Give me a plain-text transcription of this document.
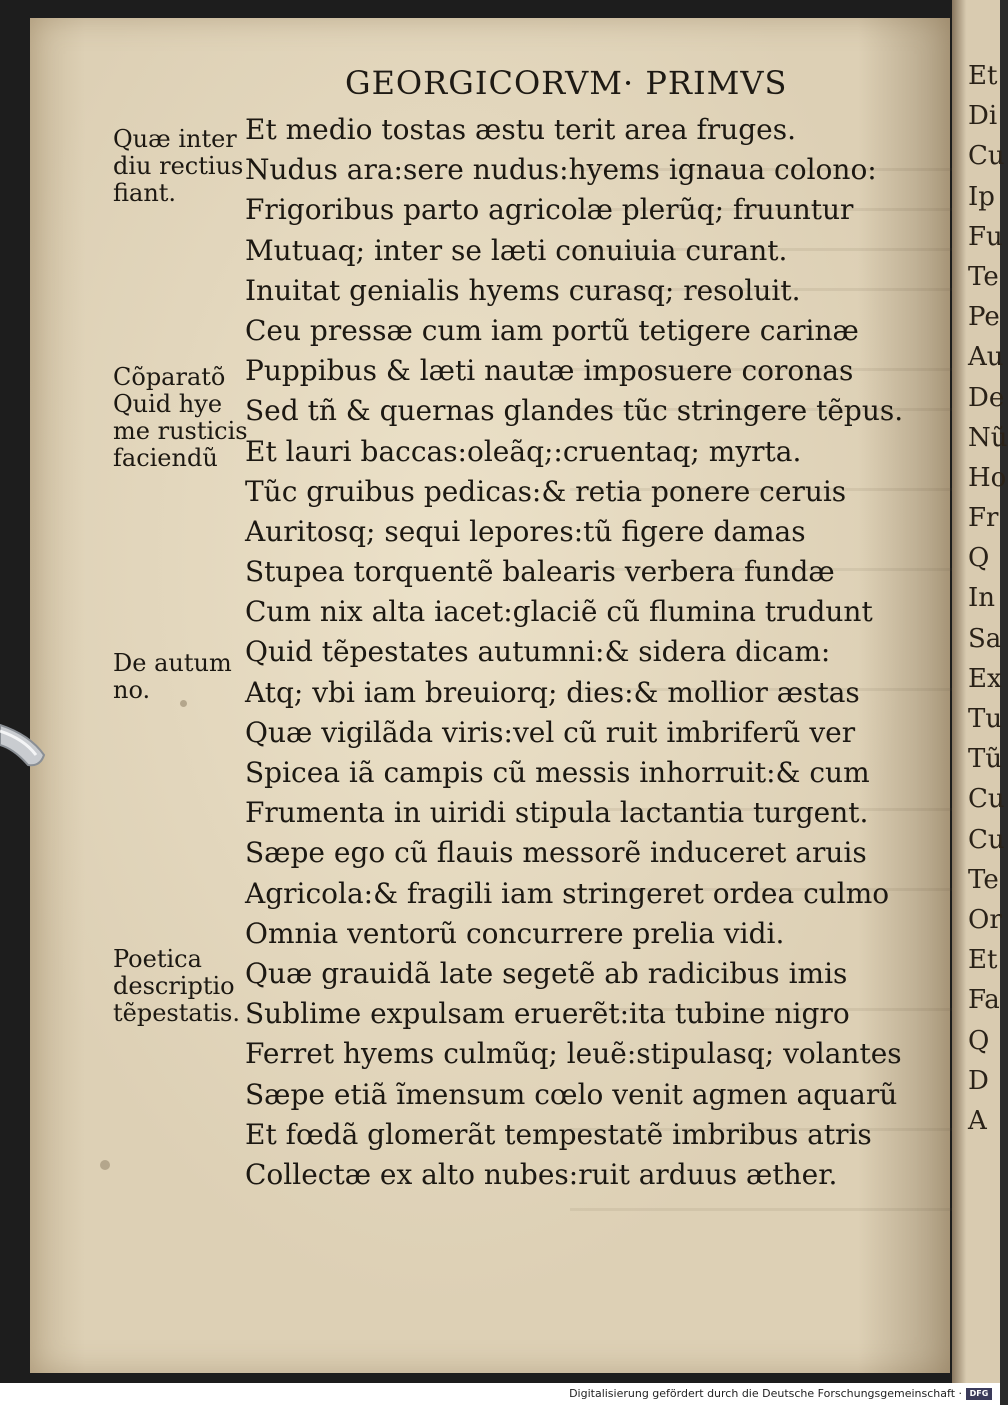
Et
Di
Cu
Ip
Fu
Te
Pe
Au
De
Nũ
Ho
Fr
Q
In
Sa
Ex
Tu
Tũ
Cu
Cu
Te
Or
Et
Fa
Q
D
A
GEORGICORVM· PRIMVS
Et medio tostas æstu terit area fruges.
Nudus ara:sere nudus:hyems ignaua colono:
Frigoribus parto agricolæ plerũq; fruuntur
Mutuaq; inter se læti conuiuia curant.
Inuitat genialis hyems curasq; resoluit.
Ceu pressæ cum iam portũ tetigere carinæ
Puppibus & læti nautæ imposuere coronas
Sed tñ & quernas glandes tũc stringere tẽpus.
Et lauri baccas:oleãq;:cruentaq; myrta.
Tũc gruibus pedicas:& retia ponere ceruis
Auritosq; sequi lepores:tũ figere damas
Stupea torquentẽ balearis verbera fundæ
Cum nix alta iacet:glaciẽ cũ flumina trudunt
Quid tẽpestates autumni:& sidera dicam:
Atq; vbi iam breuiorq; dies:& mollior æstas
Quæ vigilãda viris:vel cũ ruit imbriferũ ver
Spicea iã campis cũ messis inhorruit:& cum
Frumenta in uiridi stipula lactantia turgent.
Sæpe ego cũ flauis messorẽ induceret aruis
Agricola:& fragili iam stringeret ordea culmo
Omnia ventorũ concurrere prelia vidi.
Quæ grauidã late segetẽ ab radicibus imis
Sublime expulsam eruerẽt:ita tubine nigro
Ferret hyems culmũq; leuẽ:stipulasq; volantes
Sæpe etiã ĩmensum cœlo venit agmen aquarũ
Et fœdã glomerãt tempestatẽ imbribus atris
Collectæ ex alto nubes:ruit arduus æther.
Quæ inter
diu rectius
fiant.
Cõparatõ
Quid hye
me rusticis
faciendũ
De autum
no.
Poetica
descriptio
tẽpestatis.
Digitalisierung gefördert durch die Deutsche Forschungsgemeinschaft · DFG
